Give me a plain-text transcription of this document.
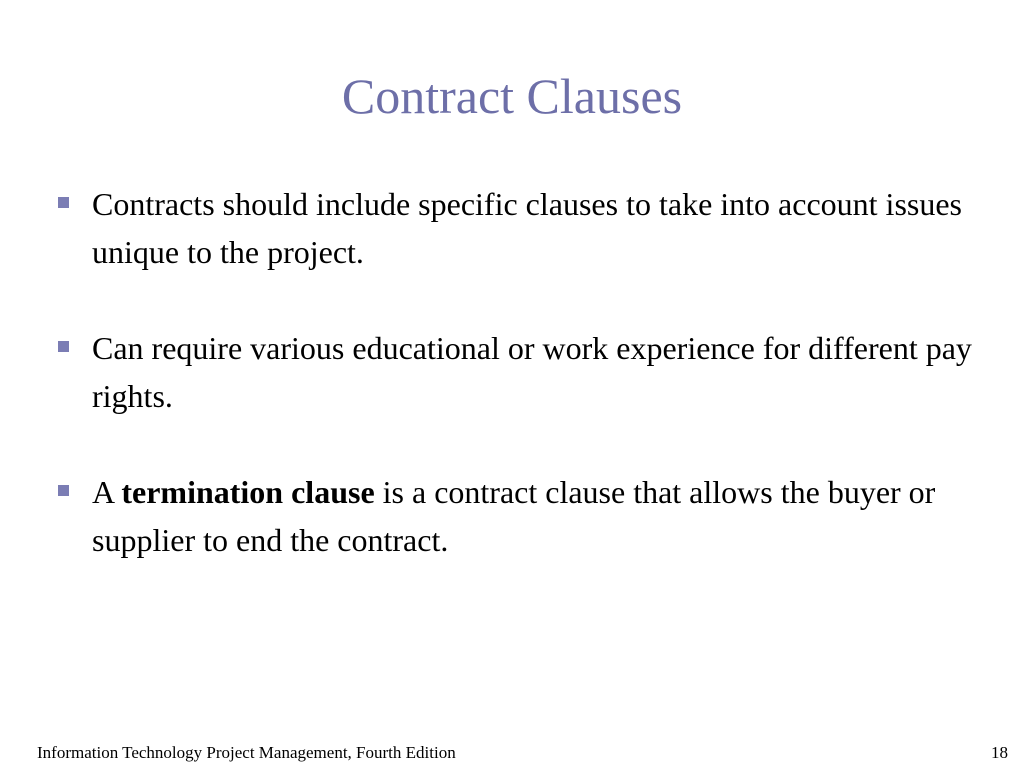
Contract Clauses
Contracts should include specific clauses to take into account issues unique to the project.
Can require various educational or work experience for different pay rights.
A termination clause is a contract clause that allows the buyer or supplier to end the contract.
Information Technology Project Management, Fourth Edition	18
